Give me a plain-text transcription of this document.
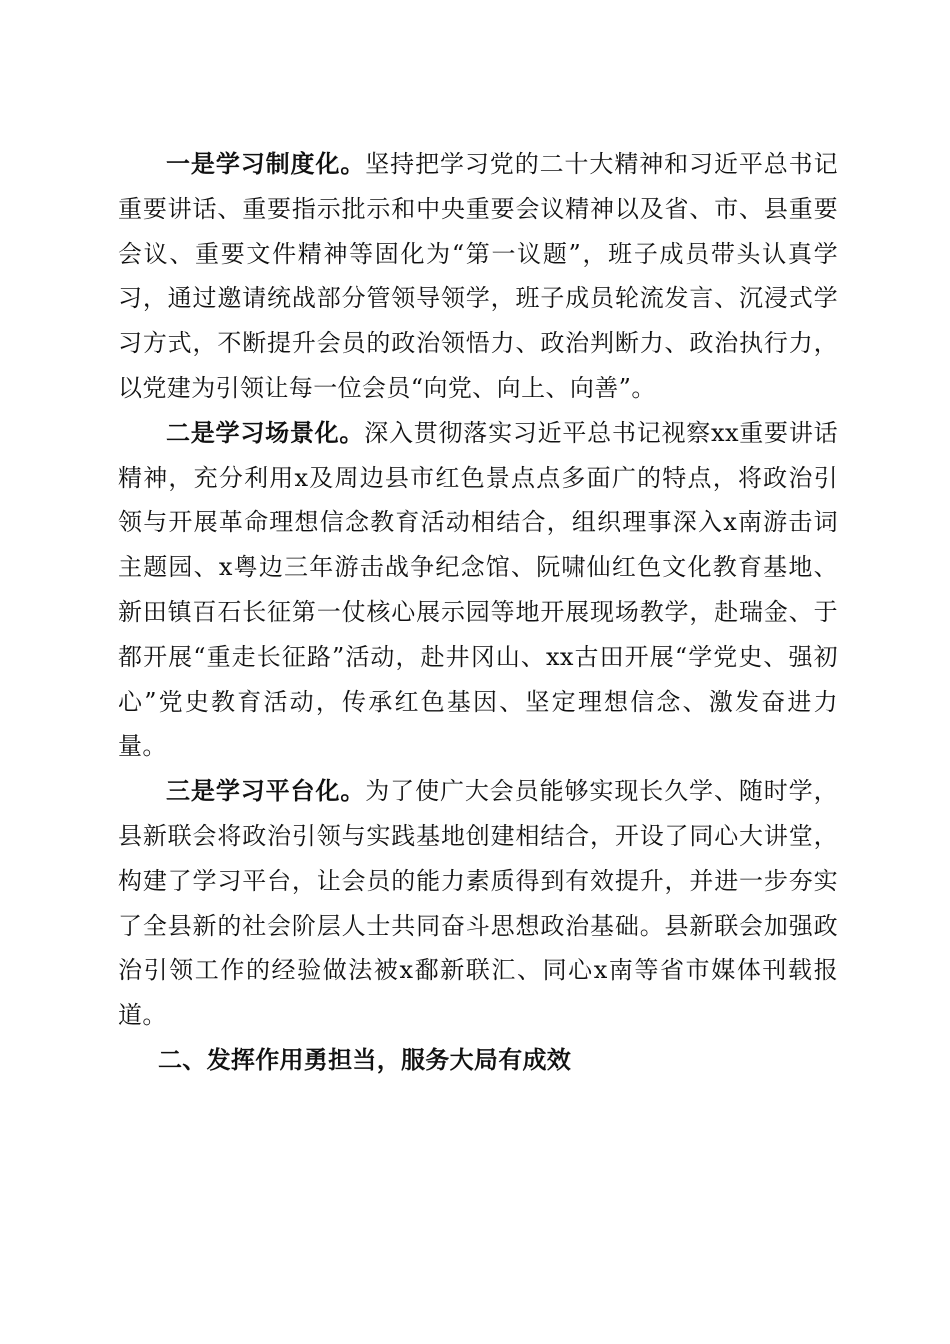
一是学习制度化。坚持把学习党的二十大精神和习近平总书记重要讲话、重要指示批示和中央重要会议精神以及省、市、县重要会议、重要文件精神等固化为“第一议题”，班子成员带头认真学习，通过邀请统战部分管领导领学，班子成员轮流发言、沉浸式学习方式，不断提升会员的政治领悟力、政治判断力、政治执行力，以党建为引领让每一位会员“向党、向上、向善”。

二是学习场景化。深入贯彻落实习近平总书记视察xx重要讲话精神，充分利用x及周边县市红色景点点多面广的特点，将政治引领与开展革命理想信念教育活动相结合，组织理事深入x南游击词主题园、x粤边三年游击战争纪念馆、阮啸仙红色文化教育基地、新田镇百石长征第一仗核心展示园等地开展现场教学，赴瑞金、于都开展“重走长征路”活动，赴井冈山、xx古田开展“学党史、强初心”党史教育活动，传承红色基因、坚定理想信念、激发奋进力量。

三是学习平台化。为了使广大会员能够实现长久学、随时学，县新联会将政治引领与实践基地创建相结合，开设了同心大讲堂，构建了学习平台，让会员的能力素质得到有效提升，并进一步夯实了全县新的社会阶层人士共同奋斗思想政治基础。县新联会加强政治引领工作的经验做法被x鄱新联汇、同心x南等省市媒体刊载报道。

二、发挥作用勇担当，服务大局有成效
